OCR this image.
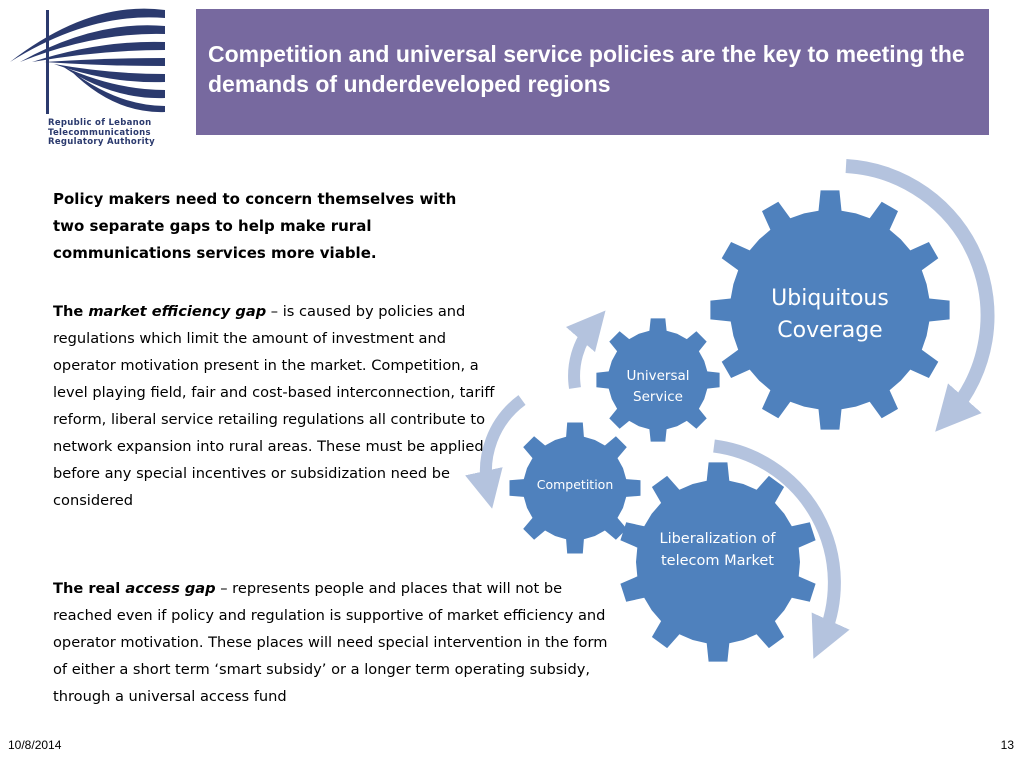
Republic of Lebanon
Telecommunications
Regulatory Authority
Competition and universal service policies are the key to meeting the demands of underdeveloped regions
Policy makers need to concern themselves with two separate gaps to help make rural communications services more viable.
The market efficiency gap – is caused by policies and regulations which limit the amount of investment and operator motivation present in the market. Competition, a level playing field, fair and cost-based interconnection, tariff reform, liberal service retailing regulations all contribute to network expansion into rural areas. These must be applied before any special incentives or subsidization need be considered
The real access gap – represents people and places that will not be reached even if policy and regulation is supportive of market efficiency and operator motivation. These places will need special intervention in the form of either a short term ‘smart subsidy’ or a longer term operating subsidy, through a universal access fund
Ubiquitous Coverage
Universal Service
Competition
Liberalization of telecom Market
10/8/2014	13
